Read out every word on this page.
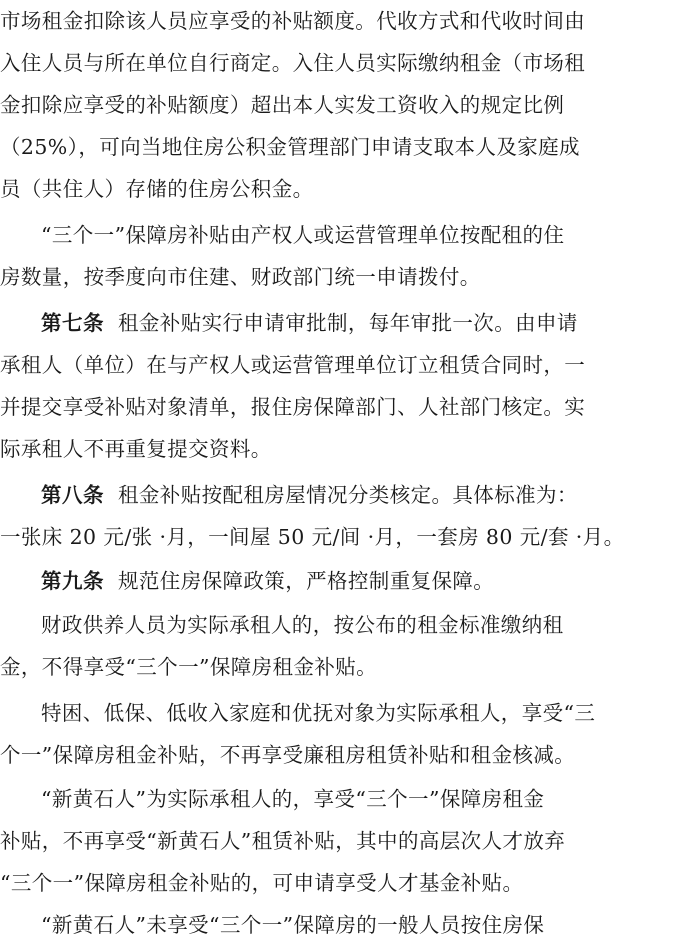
市场租金扣除该人员应享受的补贴额度。代收方式和代收时间由
入住人员与所在单位自行商定。入住人员实际缴纳租金（市场租
金扣除应享受的补贴额度）超出本人实发工资收入的规定比例
（25%），可向当地住房公积金管理部门申请支取本人及家庭成
员（共住人）存储的住房公积金。
“三个一”保障房补贴由产权人或运营管理单位按配租的住
房数量，按季度向市住建、财政部门统一申请拨付。
第七条 租金补贴实行申请审批制，每年审批一次。由申请
承租人（单位）在与产权人或运营管理单位订立租赁合同时，一
并提交享受补贴对象清单，报住房保障部门、人社部门核定。实
际承租人不再重复提交资料。
第八条 租金补贴按配租房屋情况分类核定。具体标准为：
一张床 20 元/张 ·月，一间屋 50 元/间 ·月，一套房 80 元/套 ·月。
第九条 规范住房保障政策，严格控制重复保障。
财政供养人员为实际承租人的，按公布的租金标准缴纳租
金，不得享受“三个一”保障房租金补贴。
特困、低保、低收入家庭和优抚对象为实际承租人，享受“三
个一”保障房租金补贴，不再享受廉租房租赁补贴和租金核减。
“新黄石人”为实际承租人的，享受“三个一”保障房租金
补贴，不再享受“新黄石人”租赁补贴，其中的高层次人才放弃
“三个一”保障房租金补贴的，可申请享受人才基金补贴。
“新黄石人”未享受“三个一”保障房的一般人员按住房保
